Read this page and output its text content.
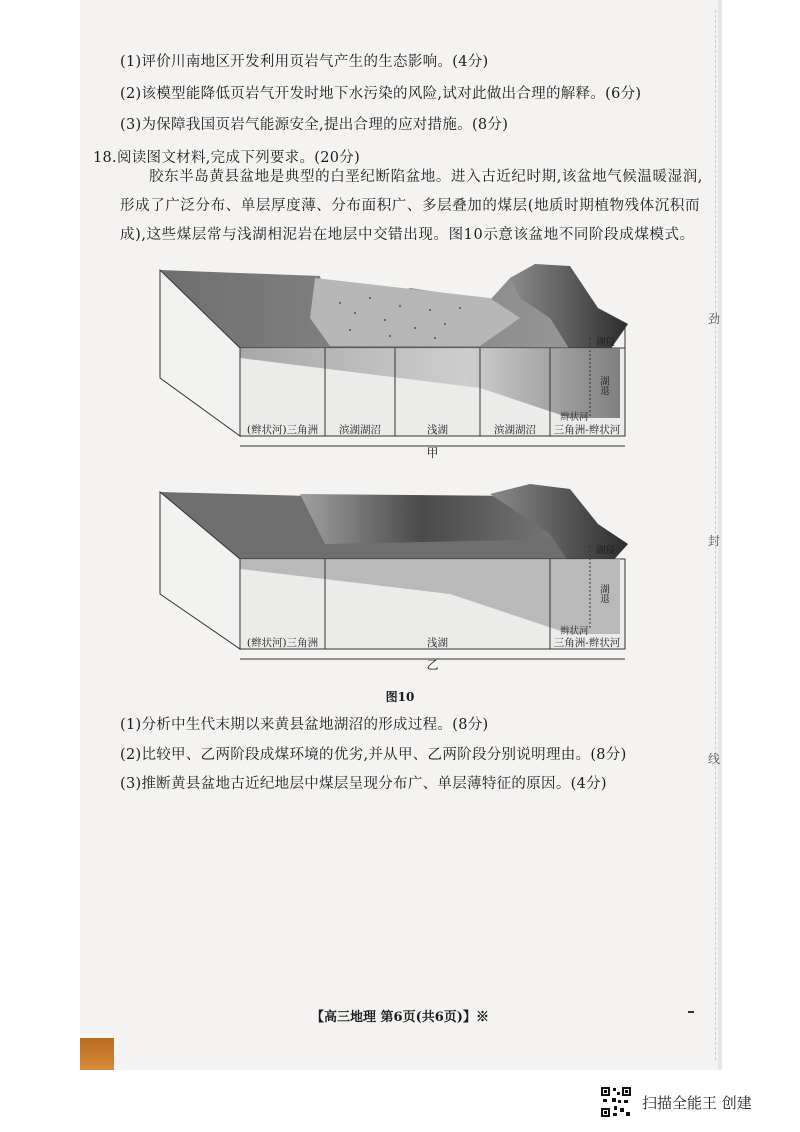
劲
封
线
(1)评价川南地区开发利用页岩气产生的生态影响。(4分)
(2)该模型能降低页岩气开发时地下水污染的风险,试对此做出合理的解释。(6分)
(3)为保障我国页岩气能源安全,提出合理的应对措施。(8分)
18.阅读图文材料,完成下列要求。(20分)
胶东半岛黄县盆地是典型的白垩纪断陷盆地。进入古近纪时期,该盆地气候温暖湿润,形成了广泛分布、单层厚度薄、分布面积广、多层叠加的煤层(地质时期植物残体沉积而成),这些煤层常与浅湖相泥岩在地层中交错出现。图10示意该盆地不同阶段成煤模式。
(辫状河)三角洲	滨湖湖沼	浅湖	滨湖湖沼	三角洲-辫状河
湖侵
湖退
辫状河
甲
(辫状河)三角洲	浅湖	三角洲-辫状河
湖侵
湖退
辫状河
乙
图10
(1)分析中生代末期以来黄县盆地湖沼的形成过程。(8分)
(2)比较甲、乙两阶段成煤环境的优劣,并从甲、乙两阶段分别说明理由。(8分)
(3)推断黄县盆地古近纪地层中煤层呈现分布广、单层薄特征的原因。(4分)
【高三地理 第6页(共6页)】※
扫描全能王 创建
